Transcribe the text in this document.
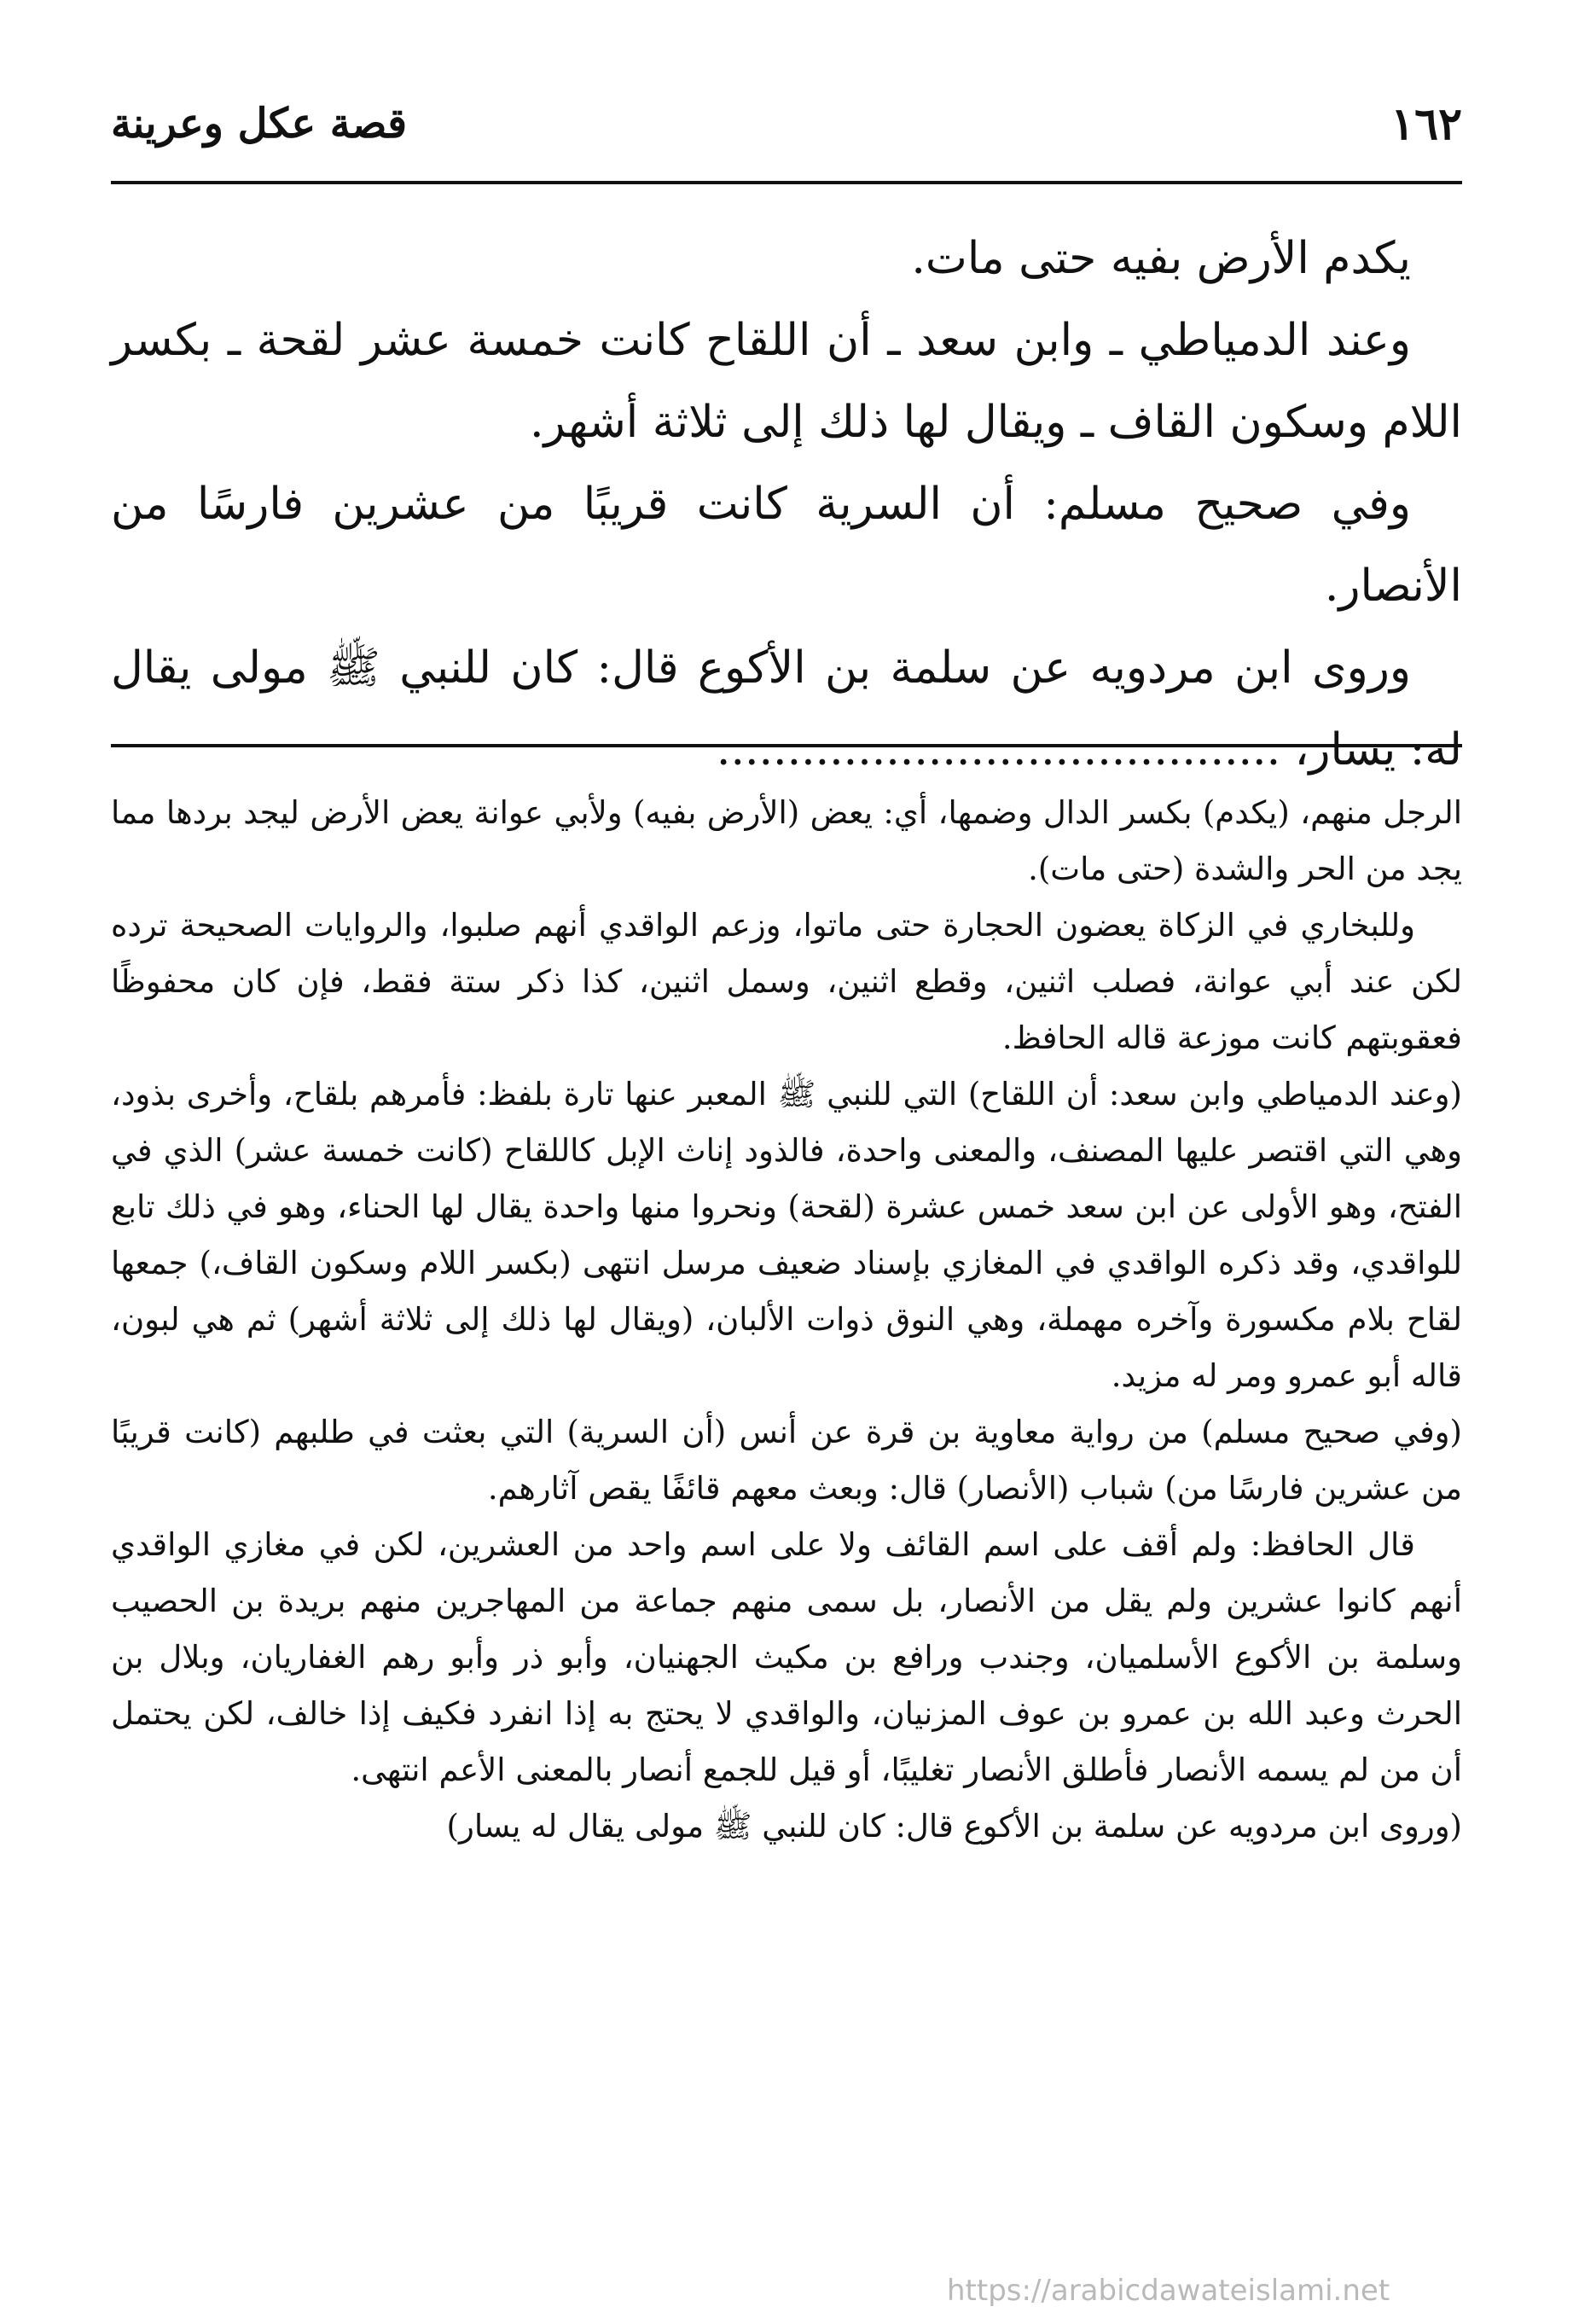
١٦٢
قصة عكل وعرينة

يكدم الأرض بفيه حتى مات.

وعند الدمياطي ـ وابن سعد ـ أن اللقاح كانت خمسة عشر لقحة ـ بكسر اللام وسكون القاف ـ ويقال لها ذلك إلى ثلاثة أشهر.

وفي صحيح مسلم: أن السرية كانت قريبًا من عشرين فارسًا من الأنصار.

وروى ابن مردويه عن سلمة بن الأكوع قال: كان للنبي ﷺ مولى يقال له: يسار، ........................................

الرجل منهم، (يكدم) بكسر الدال وضمها، أي: يعض (الأرض بفيه) ولأبي عوانة يعض الأرض ليجد بردها مما يجد من الحر والشدة (حتى مات).

وللبخاري في الزكاة يعضون الحجارة حتى ماتوا، وزعم الواقدي أنهم صلبوا، والروايات الصحيحة ترده لكن عند أبي عوانة، فصلب اثنين، وقطع اثنين، وسمل اثنين، كذا ذكر ستة فقط، فإن كان محفوظًا فعقوبتهم كانت موزعة قاله الحافظ.

(وعند الدمياطي وابن سعد: أن اللقاح) التي للنبي ﷺ المعبر عنها تارة بلفظ: فأمرهم بلقاح، وأخرى بذود، وهي التي اقتصر عليها المصنف، والمعنى واحدة، فالذود إناث الإبل كاللقاح (كانت خمسة عشر) الذي في الفتح، وهو الأولى عن ابن سعد خمس عشرة (لقحة) ونحروا منها واحدة يقال لها الحناء، وهو في ذلك تابع للواقدي، وقد ذكره الواقدي في المغازي بإسناد ضعيف مرسل انتهى (بكسر اللام وسكون القاف،) جمعها لقاح بلام مكسورة وآخره مهملة، وهي النوق ذوات الألبان، (ويقال لها ذلك إلى ثلاثة أشهر) ثم هي لبون، قاله أبو عمرو ومر له مزيد.

(وفي صحيح مسلم) من رواية معاوية بن قرة عن أنس (أن السرية) التي بعثت في طلبهم (كانت قريبًا من عشرين فارسًا من) شباب (الأنصار) قال: وبعث معهم قائفًا يقص آثارهم.

قال الحافظ: ولم أقف على اسم القائف ولا على اسم واحد من العشرين، لكن في مغازي الواقدي أنهم كانوا عشرين ولم يقل من الأنصار، بل سمى منهم جماعة من المهاجرين منهم بريدة بن الحصيب وسلمة بن الأكوع الأسلميان، وجندب ورافع بن مكيث الجهنيان، وأبو ذر وأبو رهم الغفاريان، وبلال بن الحرث وعبد الله بن عمرو بن عوف المزنيان، والواقدي لا يحتج به إذا انفرد فكيف إذا خالف، لكن يحتمل أن من لم يسمه الأنصار فأطلق الأنصار تغليبًا، أو قيل للجمع أنصار بالمعنى الأعم انتهى.

(وروى ابن مردويه عن سلمة بن الأكوع قال: كان للنبي ﷺ مولى يقال له يسار)

https://arabicdawateislami.net
